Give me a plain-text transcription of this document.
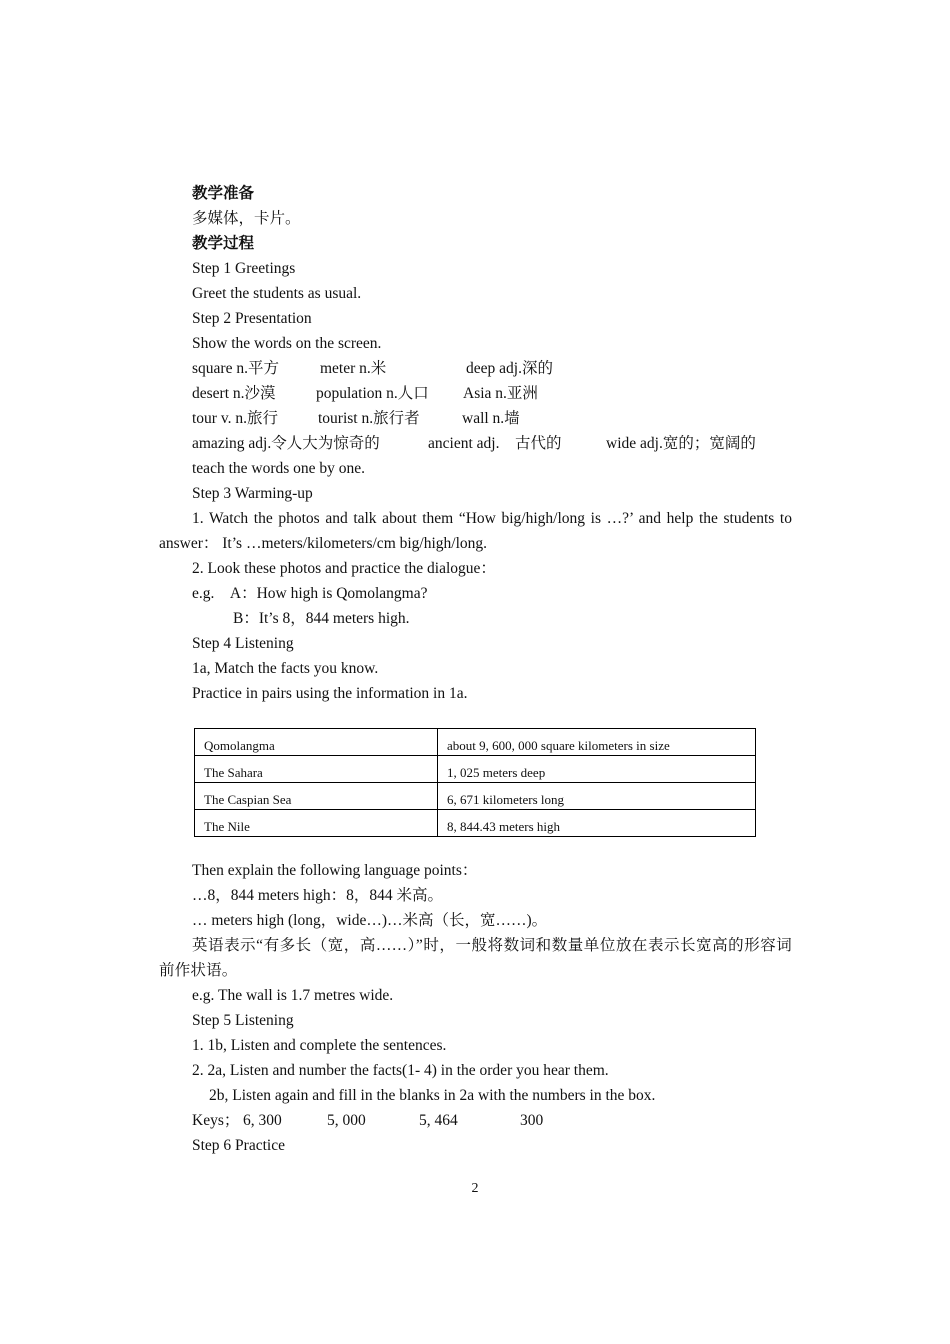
教学准备
多媒体，卡片。
教学过程
Step 1 Greetings
Greet the students as usual.
Step 2 Presentation
Show the words on the screen.
square n.平方	meter n.米	deep adj.深的
desert n.沙漠	population n.人口 Asia n.亚洲
tour v. n.旅行	tourist n.旅行者	wall n.墙
amazing adj.令人大为惊奇的	ancient adj.　古代的	wide adj.宽的；宽阔的
teach the words one by one.
Step 3 Warming-up
1. Watch the photos and talk about them “How big/high/long is …?’ and help the students to answer： It’s …meters/kilometers/cm big/high/long.
2. Look these photos and practice the dialogue：
e.g.　A：How high is Qomolangma?
B：It’s 8，844 meters high.
Step 4 Listening
1a, Match the facts you know.
Practice in pairs using the information in 1a.
Qomolangma	about 9, 600, 000 square kilometers in size
The Sahara	1, 025 meters deep
The Caspian Sea	6, 671 kilometers long
The Nile	8, 844.43 meters high
Then explain the following language points：
…8，844 meters high：8，844 米高。
… meters high (long，wide…)…米高（长，宽……)。
英语表示“有多长（宽，高……）”时，一般将数词和数量单位放在表示长宽高的形容词前作状语。
e.g. The wall is 1.7 metres wide.
Step 5 Listening
1. 1b, Listen and complete the sentences.
2. 2a, Listen and number the facts(1- 4) in the order you hear them.
2b, Listen again and fill in the blanks in 2a with the numbers in the box.
Keys； 6, 300	5, 000	5, 464	300
Step 6 Practice
2
